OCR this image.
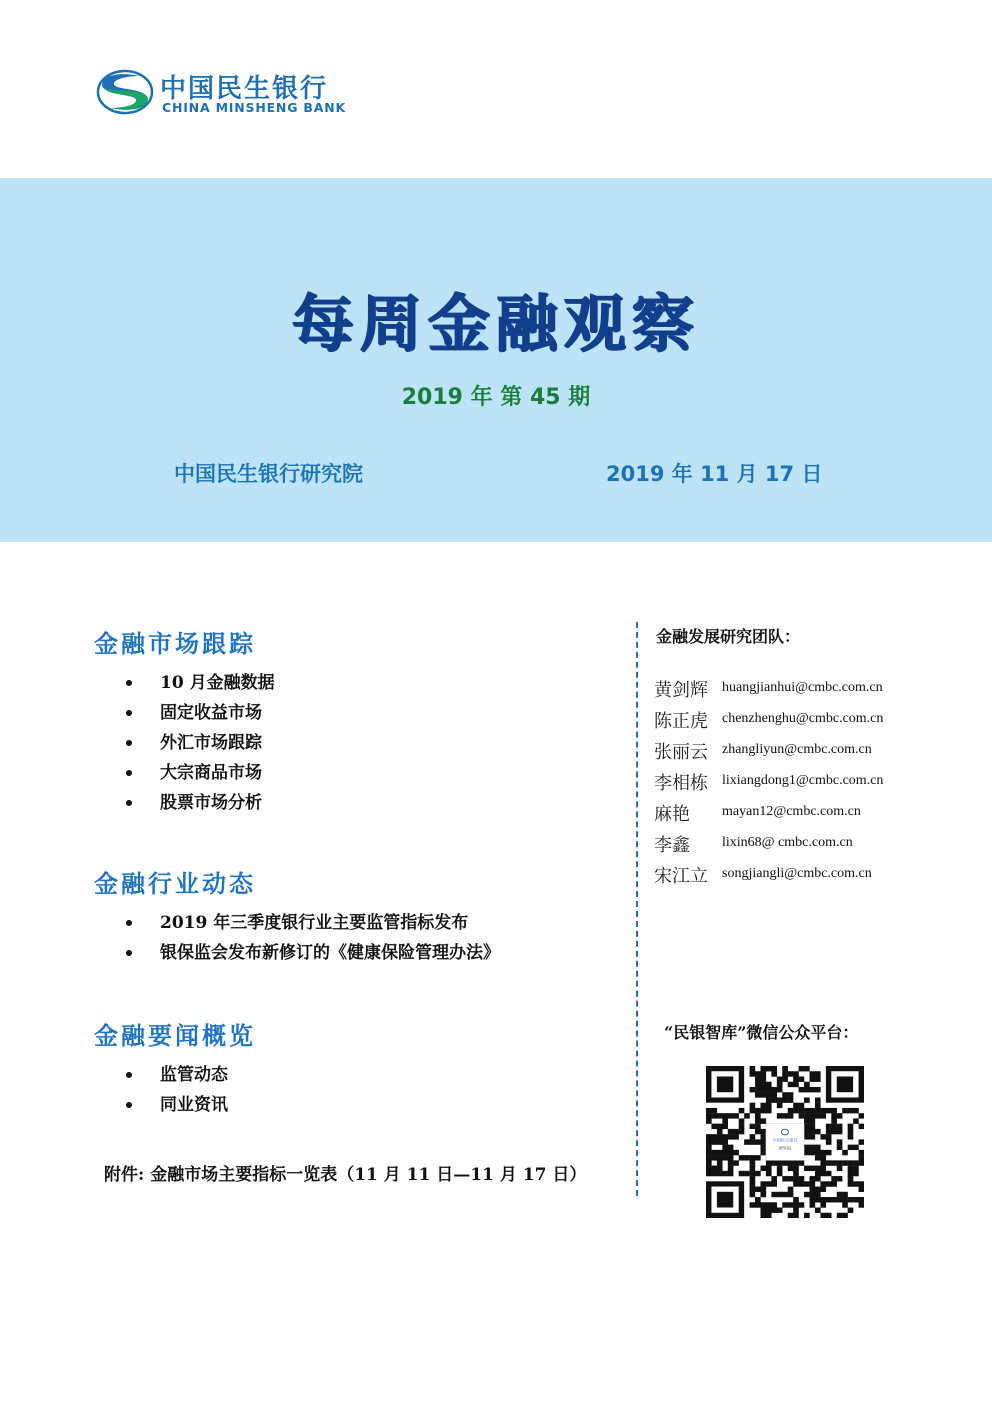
中国民生银行
CHINA MINSHENG BANK
每周金融观察
2019 年 第 45 期
中国民生银行研究院	2019 年 11 月 17 日
金融市场跟踪
10 月金融数据
固定收益市场
外汇市场跟踪
大宗商品市场
股票市场分析
金融行业动态
2019 年三季度银行业主要监管指标发布
银保监会发布新修订的《健康保险管理办法》
金融要闻概览
监管动态
同业资讯
附件: 金融市场主要指标一览表（11 月 11 日—11 月 17 日）
金融发展研究团队：
黄剑辉 huangjianhui@cmbc.com.cn
陈正虎 chenzhenghu@cmbc.com.cn
张丽云 zhangliyun@cmbc.com.cn
李相栋 lixiangdong1@cmbc.com.cn
麻艳 mayan12@cmbc.com.cn
李鑫 lixin68@ cmbc.com.cn
宋江立 songjiangli@cmbc.com.cn
“民银智库”微信公众平台：
中国民生银行
研究院
